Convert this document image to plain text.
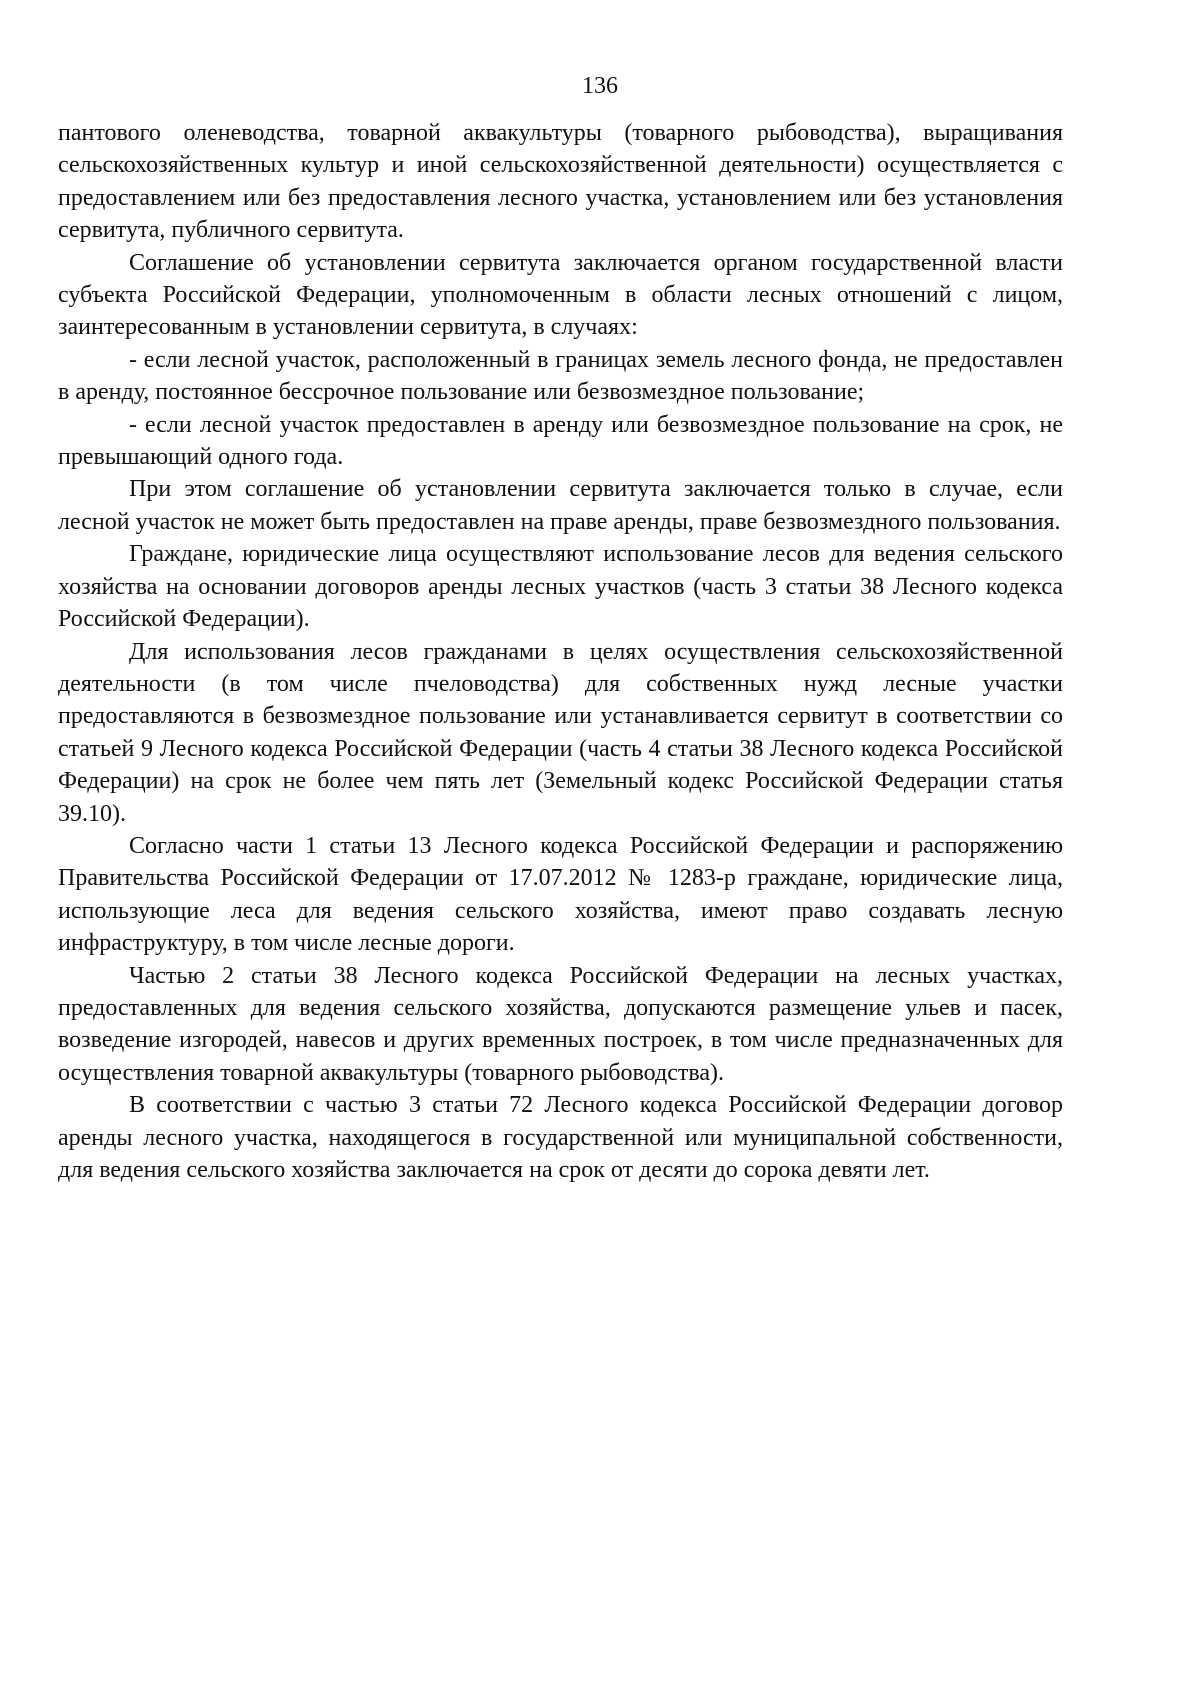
136

пантового оленеводства, товарной аквакультуры (товарного рыбоводства), выращивания сельскохозяйственных культур и иной сельскохозяйственной деятельности) осуществляется с предоставлением или без предоставления лесного участка, установлением или без установления сервитута, публичного сервитута.

Соглашение об установлении сервитута заключается органом государственной власти субъекта Российской Федерации, уполномоченным в области лесных отношений с лицом, заинтересованным в установлении сервитута, в случаях:

- если лесной участок, расположенный в границах земель лесного фонда, не предоставлен в аренду, постоянное бессрочное пользование или безвозмездное пользование;

- если лесной участок предоставлен в аренду или безвозмездное пользование на срок, не превышающий одного года.

При этом соглашение об установлении сервитута заключается только в случае, если лесной участок не может быть предоставлен на праве аренды, праве безвозмездного пользования.

Граждане, юридические лица осуществляют использование лесов для ведения сельского хозяйства на основании договоров аренды лесных участков (часть 3 статьи 38 Лесного кодекса Российской Федерации).

Для использования лесов гражданами в целях осуществления сельскохозяйственной деятельности (в том числе пчеловодства) для собственных нужд лесные участки предоставляются в безвозмездное пользование или устанавливается сервитут в соответствии со статьей 9 Лесного кодекса Российской Федерации (часть 4 статьи 38 Лесного кодекса Российской Федерации) на срок не более чем пять лет (Земельный кодекс Российской Федерации статья 39.10).

Согласно части 1 статьи 13 Лесного кодекса Российской Федерации и распоряжению Правительства Российской Федерации от 17.07.2012 № 1283-р граждане, юридические лица, использующие леса для ведения сельского хозяйства, имеют право создавать лесную инфраструктуру, в том числе лесные дороги.

Частью 2 статьи 38 Лесного кодекса Российской Федерации на лесных участках, предоставленных для ведения сельского хозяйства, допускаются размещение ульев и пасек, возведение изгородей, навесов и других временных построек, в том числе предназначенных для осуществления товарной аквакультуры (товарного рыбоводства).

В соответствии с частью 3 статьи 72 Лесного кодекса Российской Федерации договор аренды лесного участка, находящегося в государственной или муниципальной собственности, для ведения сельского хозяйства заключается на срок от десяти до сорока девяти лет.
